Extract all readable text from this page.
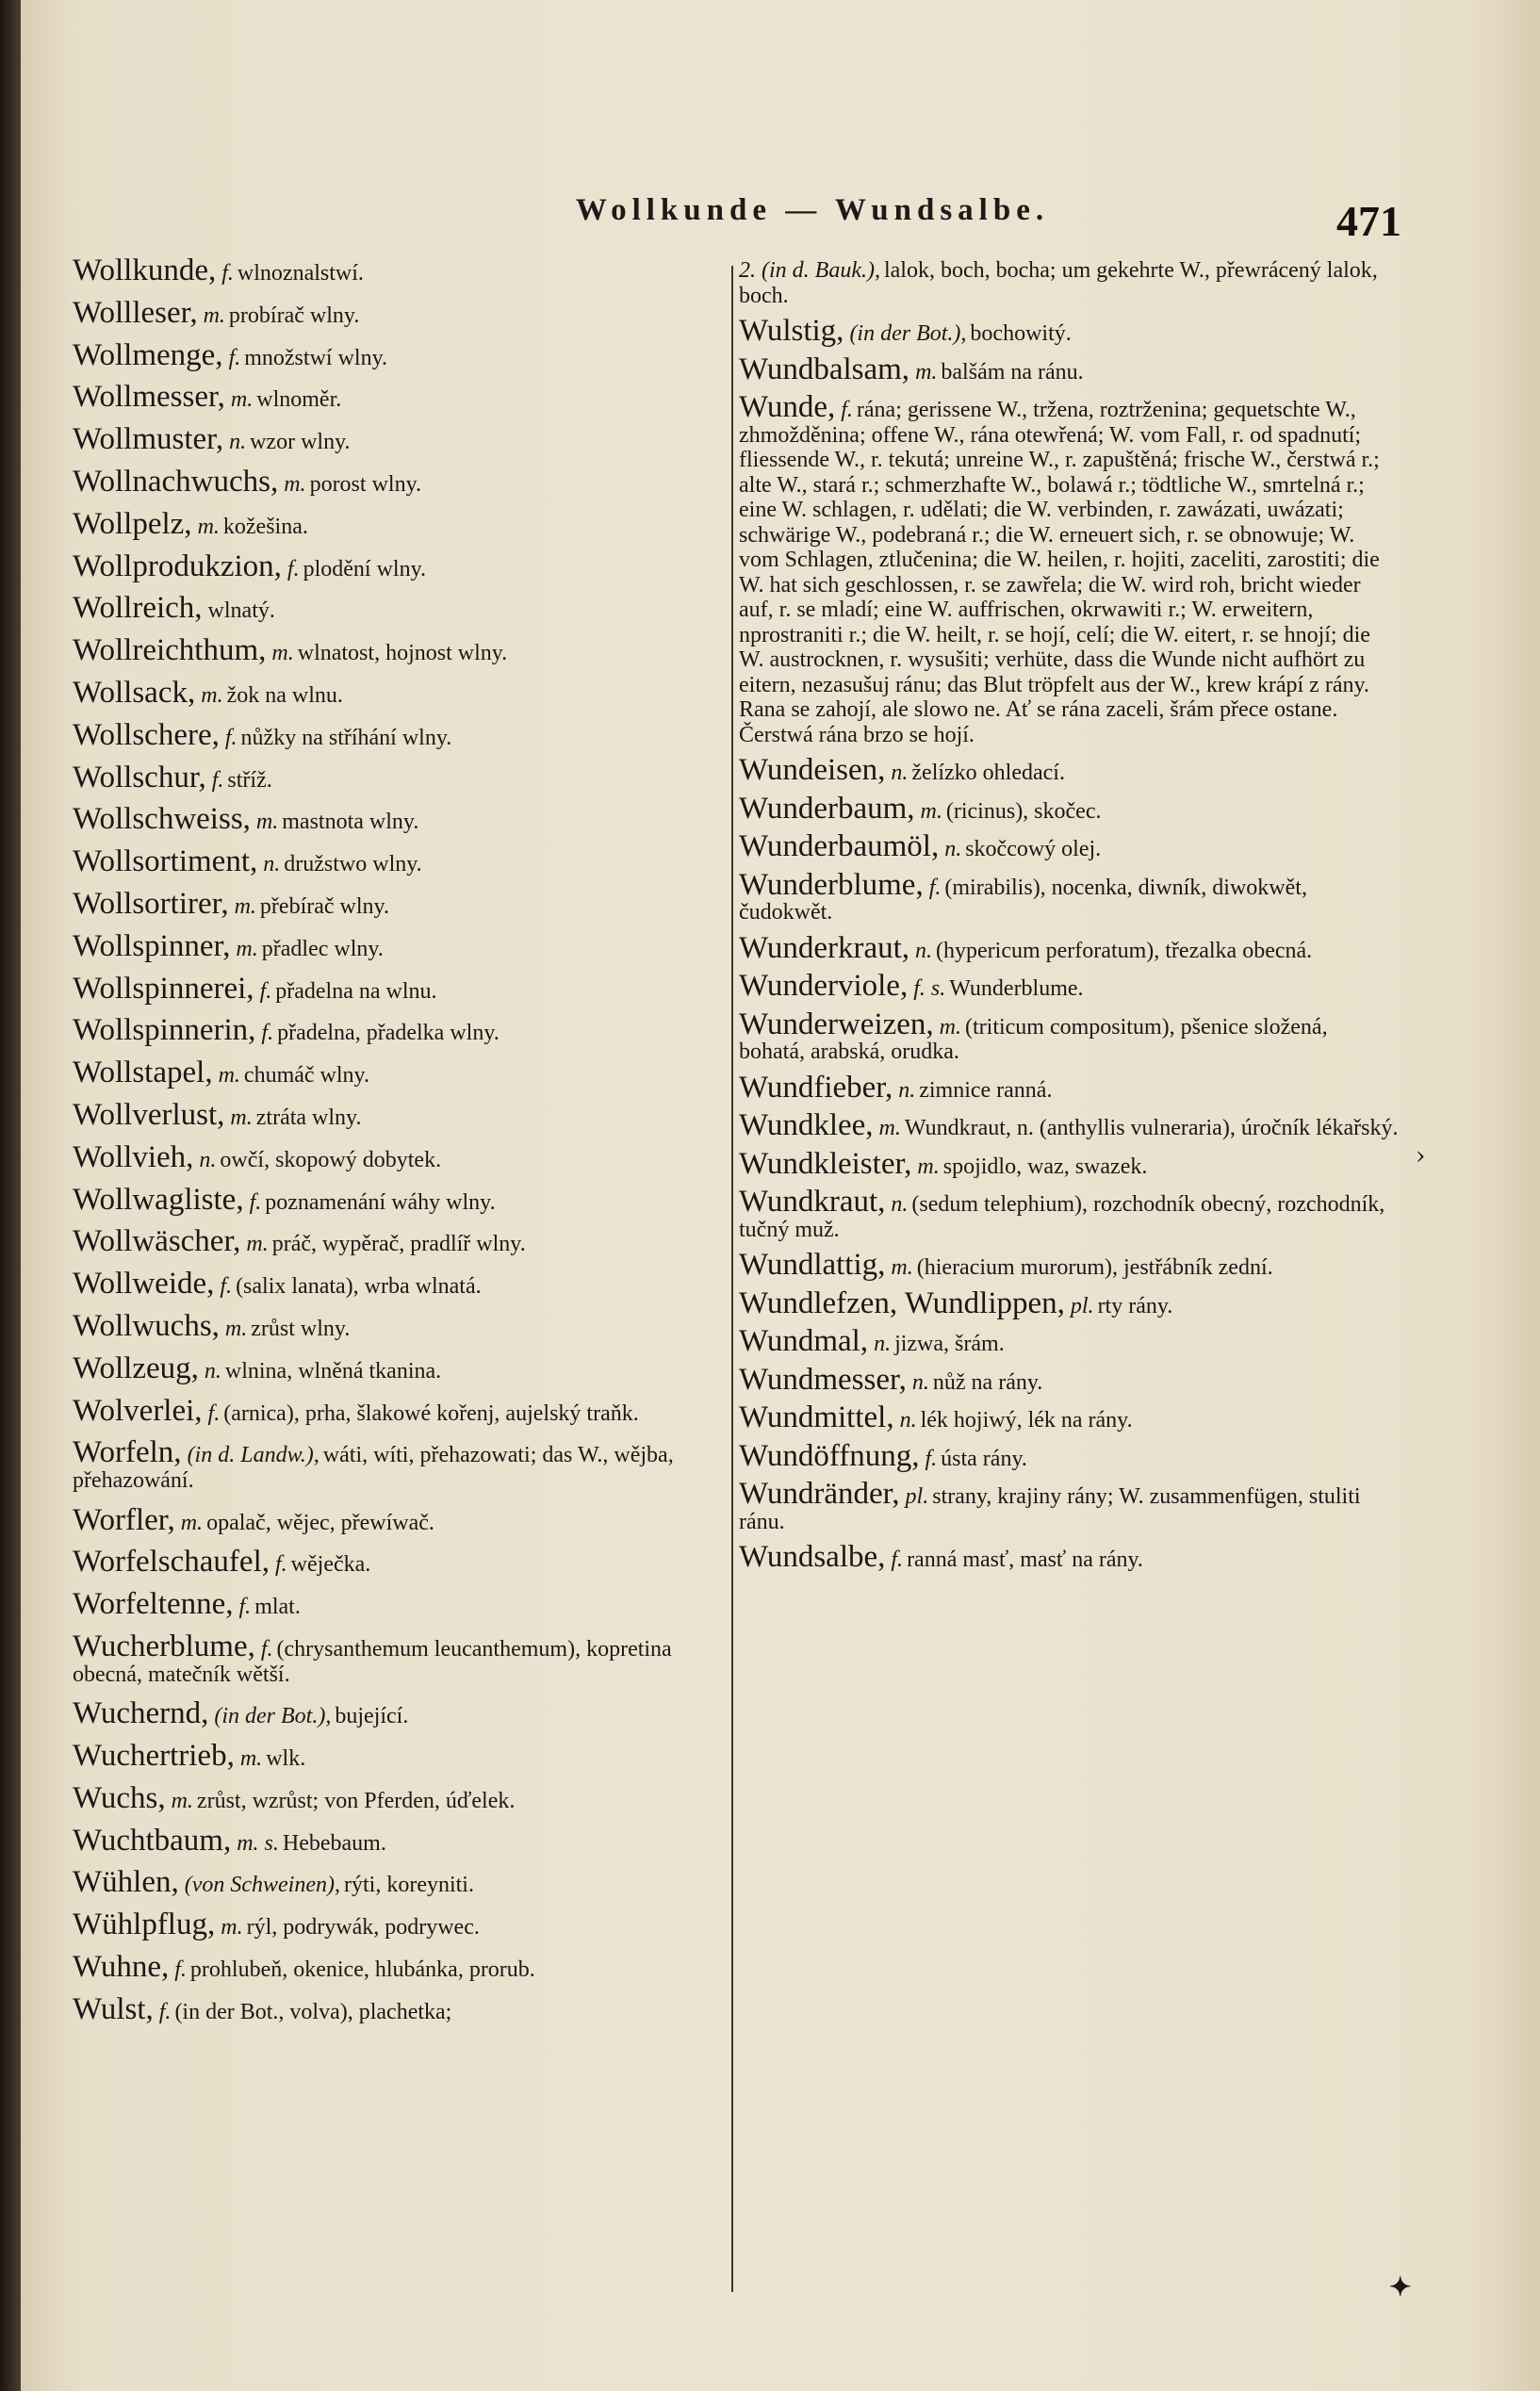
Wollkunde — Wundsalbe.	471
Wollkunde, f. wlnoznalstwí.
Wollleser, m. probírač wlny.
Wollmenge, f. množstwí wlny.
Wollmesser, m. wlnoměr.
Wollmuster, n. wzor wlny.
Wollnachwuchs, m. porost wlny.
Wollpelz, m. kožešina.
Wollprodukzion, f. plodění wlny.
Wollreich, wlnatý.
Wollreichthum, m. wlnatost, hojnost wlny.
Wollsack, m. žok na wlnu.
Wollschere, f. nůžky na stříhání wlny.
Wollschur, f. stříž.
Wollschweiss, m. mastnota wlny.
Wollsortiment, n. družstwo wlny.
Wollsortirer, m. přebírač wlny.
Wollspinner, m. přadlec wlny.
Wollspinnerei, f. přadelna na wlnu.
Wollspinnerin, f. přadelna, přadelka wlny.
Wollstapel, m. chumáč wlny.
Wollverlust, m. ztráta wlny.
Wollvieh, n. owčí, skopowý dobytek.
Wollwagliste, f. poznamenání wáhy wlny.
Wollwäscher, m. práč, wypěrač, pradlíř wlny.
Wollweide, f. (salix lanata), wrba wlnatá.
Wollwuchs, m. zrůst wlny.
Wollzeug, n. wlnina, wlněná tkanina.
Wolverlei, f. (arnica), prha, šlakowé kořenj, aujelský traňk.
Worfeln, (in d. Landw.), wáti, wíti, přehazowati; das W., wějba, přehazowání.
Worfler, m. opalač, wějec, přewíwač.
Worfelschaufel, f. wěječka.
Worfeltenne, f. mlat.
Wucherblume, f. (chrysanthemum leucanthemum), kopretina obecná, matečník wětší.
Wuchernd, (in der Bot.), bujející.
Wuchertrieb, m. wlk.
Wuchs, m. zrůst, wzrůst; von Pferden, úďelek.
Wuchtbaum, m. s. Hebebaum.
Wühlen, (von Schweinen), rýti, koreyniti.
Wühlpflug, m. rýl, podrywák, podrywec.
Wuhne, f. prohlubeň, okenice, hlubánka, prorub.
Wulst, f. (in der Bot., volva), plachetka;
2. (in d. Bauk.), lalok, boch, bocha; um gekehrte W., přewrácený lalok, boch.
Wulstig, (in der Bot.), bochowitý.
Wundbalsam, m. balšám na ránu.
Wunde, f. rána; gerissene W., tržena, roztrženina; gequetschte W., zhmožděnina; offene W., rána otewřená; W. vom Fall, r. od spadnutí; fliessende W., r. tekutá; unreine W., r. zapuštěná; frische W., čerstwá r.; alte W., stará r.; schmerzhafte W., bolawá r.; tödtliche W., smrtelná r.; eine W. schlagen, r. udělati; die W. verbinden, r. zawázati, uwázati; schwärige W., podebraná r.; die W. erneuert sich, r. se obnowuje; W. vom Schlagen, ztlučenina; die W. heilen, r. hojiti, zaceliti, zarostiti; die W. hat sich geschlossen, r. se zawřela; die W. wird roh, bricht wieder auf, r. se mladí; eine W. auffrischen, okrwawiti r.; W. erweitern, nprostraniti r.; die W. heilt, r. se hojí, celí; die W. eitert, r. se hnojí; die W. austrocknen, r. wysušiti; verhüte, dass die Wunde nicht aufhört zu eitern, nezasušuj ránu; das Blut tröpfelt aus der W., krew krápí z rány. Rana se zahojí, ale slowo ne. Ať se rána zaceli, šrám přece ostane. Čerstwá rána brzo se hojí.
Wundeisen, n. želízko ohledací.
Wunderbaum, m. (ricinus), skočec.
Wunderbaumöl, n. skočcowý olej.
Wunderblume, f. (mirabilis), nocenka, diwník, diwokwět, čudokwět.
Wunderkraut, n. (hypericum perforatum), třezalka obecná.
Wunderviole, f. s. Wunderblume.
Wunderweizen, m. (triticum compositum), pšenice složená, bohatá, arabská, orudka.
Wundfieber, n. zimnice ranná.
Wundklee, m. Wundkraut, n. (anthyllis vulneraria), úročník lékařský.
Wundkleister, m. spojidlo, waz, swazek.
Wundkraut, n. (sedum telephium), rozchodník obecný, rozchodník, tučný muž.
Wundlattig, m. (hieracium murorum), jestřábník zední.
Wundlefzen, Wundlippen, pl. rty rány.
Wundmal, n. jizwa, šrám.
Wundmesser, n. nůž na rány.
Wundmittel, n. lék hojiwý, lék na rány.
Wundöffnung, f. ústa rány.
Wundränder, pl. strany, krajiny rány; W. zusammenfügen, stuliti ránu.
Wundsalbe, f. ranná masť, masť na rány.
›
✦
